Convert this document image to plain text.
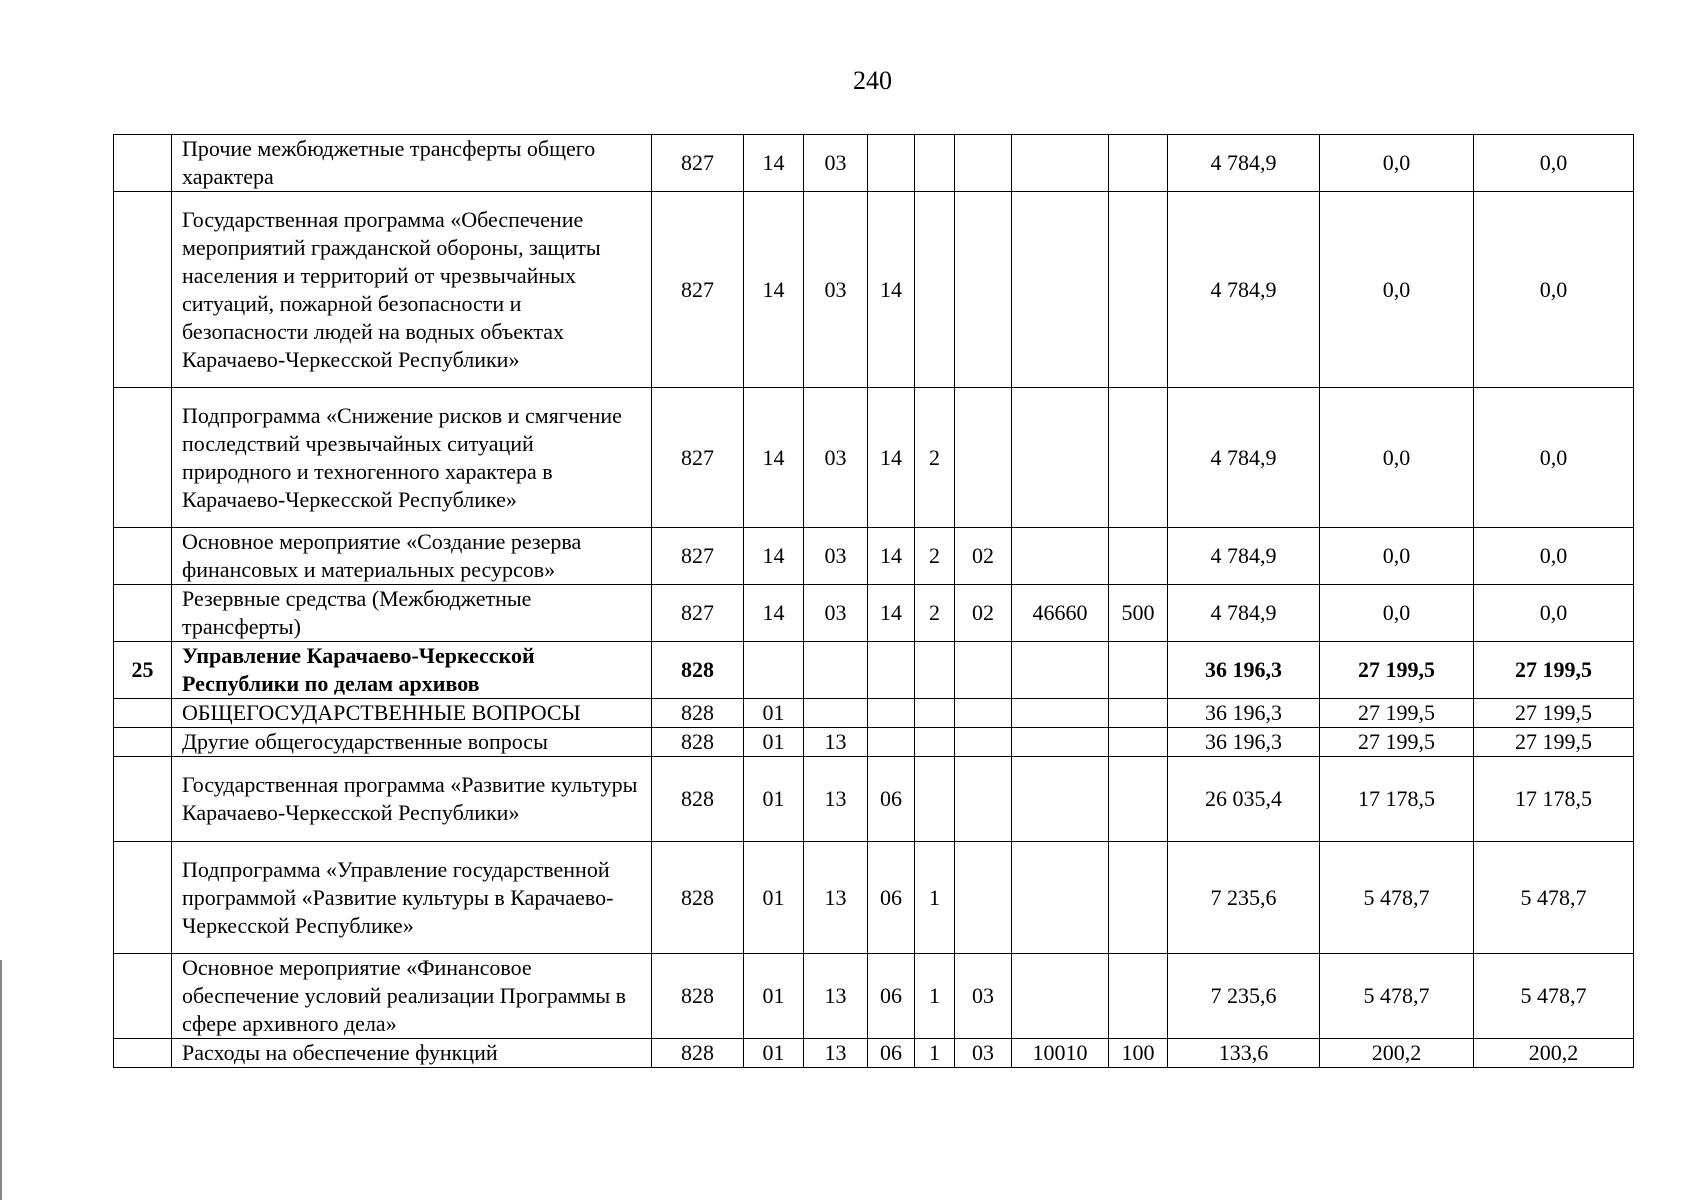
240
	Прочие межбюджетные трансферты общего характера	827	14	03						4 784,9	0,0	0,0
	Государственная программа «Обеспечение мероприятий гражданской обороны, защиты населения и территорий от чрезвычайных ситуаций, пожарной безопасности и безопасности людей на водных объектах Карачаево-Черкесской Республики»	827	14	03	14					4 784,9	0,0	0,0
	Подпрограмма «Снижение рисков и смягчение последствий чрезвычайных ситуаций природного и техногенного характера в Карачаево-Черкесской Республике»	827	14	03	14	2				4 784,9	0,0	0,0
	Основное мероприятие «Создание резерва финансовых и материальных ресурсов»	827	14	03	14	2	02			4 784,9	0,0	0,0
	Резервные средства (Межбюджетные трансферты)	827	14	03	14	2	02	46660	500	4 784,9	0,0	0,0
25	Управление Карачаево-Черкесской Республики по делам архивов	828								36 196,3	27 199,5	27 199,5
	ОБЩЕГОСУДАРСТВЕННЫЕ ВОПРОСЫ	828	01							36 196,3	27 199,5	27 199,5
	Другие общегосударственные вопросы	828	01	13						36 196,3	27 199,5	27 199,5
	Государственная программа «Развитие культуры Карачаево-Черкесской Республики»	828	01	13	06					26 035,4	17 178,5	17 178,5
	Подпрограмма «Управление государственной программой «Развитие культуры в Карачаево-Черкесской Республике»	828	01	13	06	1				7 235,6	5 478,7	5 478,7
	Основное мероприятие «Финансовое обеспечение условий реализации Программы в сфере архивного дела»	828	01	13	06	1	03			7 235,6	5 478,7	5 478,7
	Расходы на обеспечение функций	828	01	13	06	1	03	10010	100	133,6	200,2	200,2
